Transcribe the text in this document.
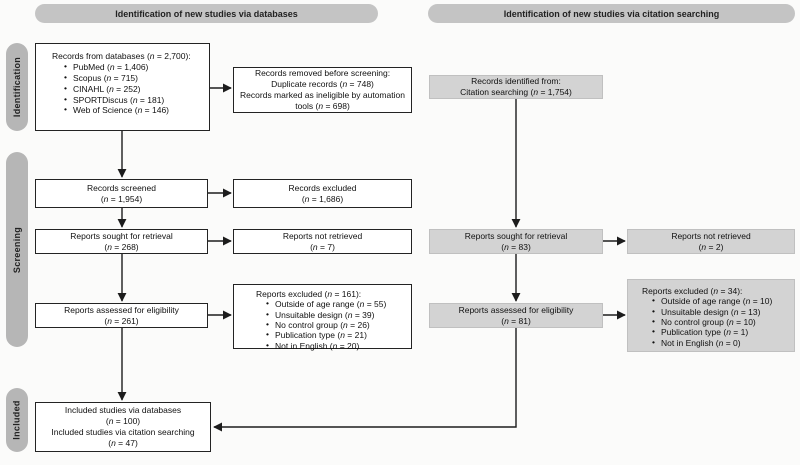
Identification of new studies via databases	Identification of new studies via citation searching
Identification
Screening
Included
Records from databases (n = 2,700):
• PubMed (n = 1,406)
• Scopus (n = 715)
• CINAHL (n = 252)
• SPORTDiscus (n = 181)
• Web of Science (n = 146)
Records removed before screening:
Duplicate records (n = 748)
Records marked as ineligible by automation tools (n = 698)
Records screened
(n = 1,954)
Records excluded
(n = 1,686)
Reports sought for retrieval
(n = 268)
Reports not retrieved
(n = 7)
Reports assessed for eligibility
(n = 261)
Reports excluded (n = 161):
• Outside of age range (n = 55)
• Unsuitable design (n = 39)
• No control group (n = 26)
• Publication type (n = 21)
• Not in English (n = 20)
Included studies via databases
(n = 100)
Included studies via citation searching
(n = 47)
Records identified from:
Citation searching (n = 1,754)
Reports sought for retrieval
(n = 83)
Reports not retrieved
(n = 2)
Reports assessed for eligibility
(n = 81)
Reports excluded (n = 34):
• Outside of age range (n = 10)
• Unsuitable design (n = 13)
• No control group (n = 10)
• Publication type (n = 1)
• Not in English (n = 0)
